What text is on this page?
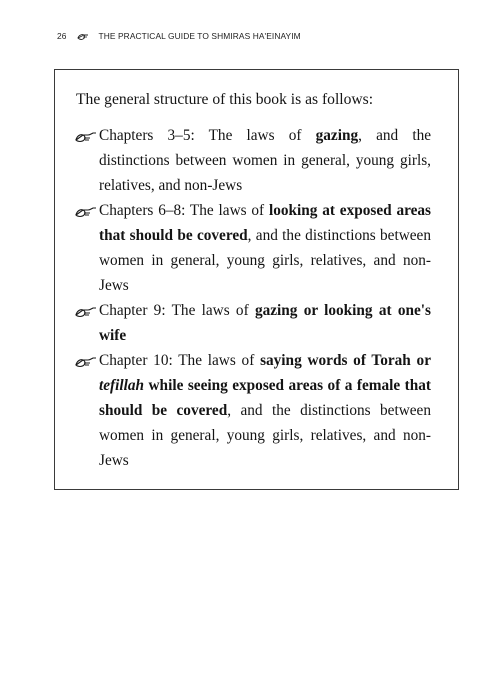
26	THE PRACTICAL GUIDE TO SHMIRAS HA'EINAYIM
The general structure of this book is as follows:
Chapters 3–5: The laws of gazing, and the distinctions between women in general, young girls, relatives, and non-Jews
Chapters 6–8: The laws of looking at exposed areas that should be covered, and the distinctions between women in general, young girls, relatives, and non-Jews
Chapter 9: The laws of gazing or looking at one's wife
Chapter 10: The laws of saying words of Torah or tefillah while seeing exposed areas of a female that should be covered, and the distinctions between women in general, young girls, relatives, and non-Jews
